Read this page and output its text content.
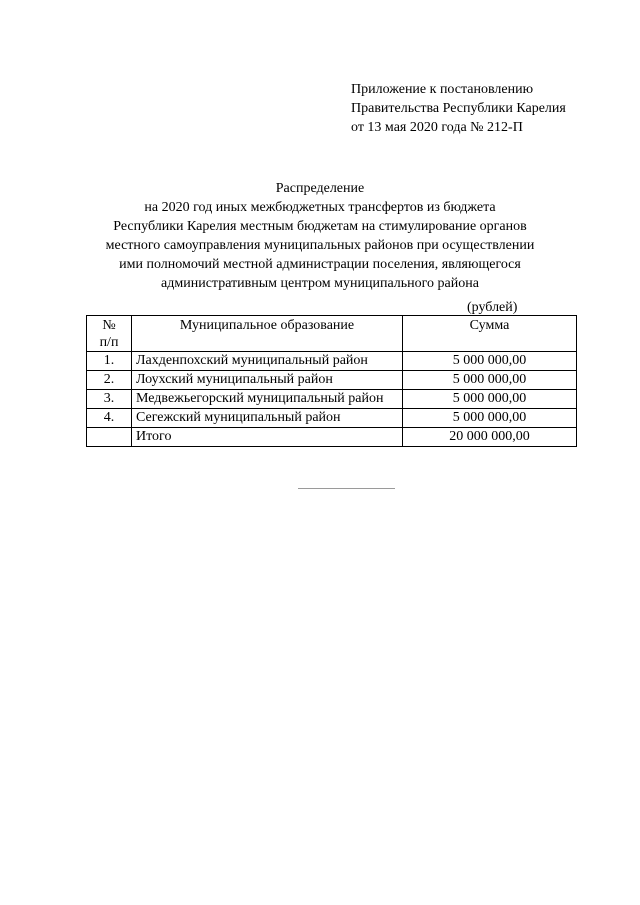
Приложение к постановлению
Правительства Республики Карелия
от 13 мая 2020 года № 212-П
Распределение
на 2020 год иных межбюджетных трансфертов из бюджета
Республики Карелия местным бюджетам на стимулирование органов
местного самоуправления муниципальных районов при осуществлении
ими полномочий местной администрации поселения, являющегося
административным центром муниципального района
(рублей)
№
п/п	Муниципальное образование	Сумма
1.	Лахденпохский муниципальный район	5 000 000,00
2.	Лоухский муниципальный район	5 000 000,00
3.	Медвежьегорский муниципальный район	5 000 000,00
4.	Сегежский муниципальный район	5 000 000,00
	Итого	20 000 000,00
